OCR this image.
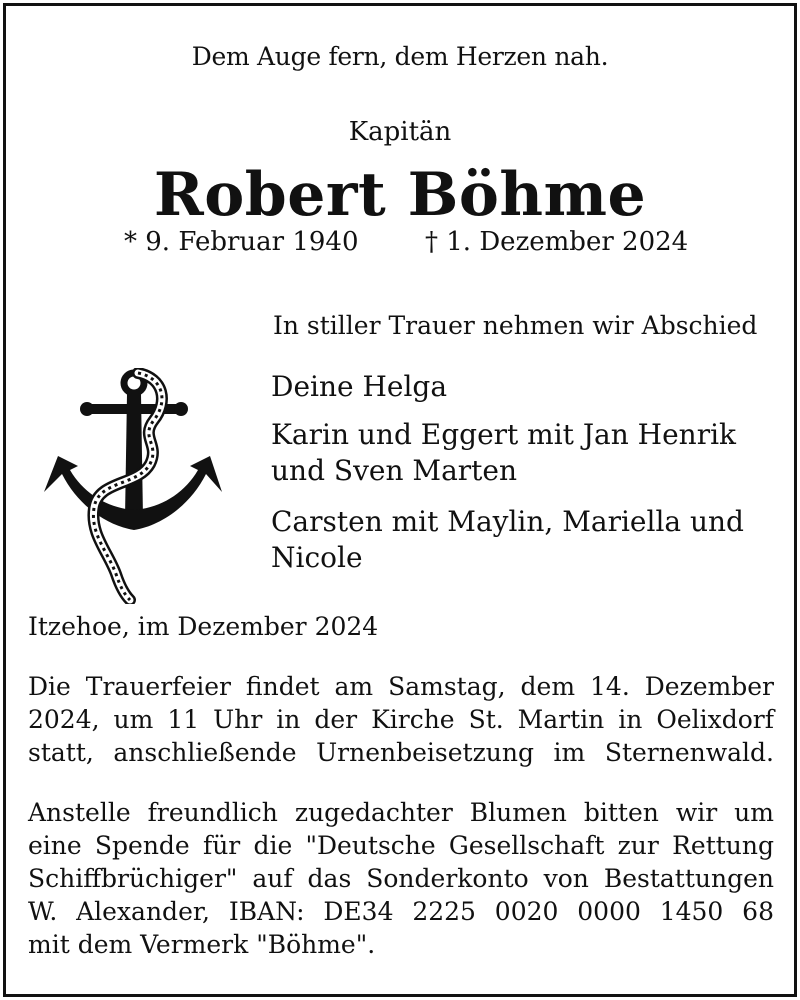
Dem Auge fern, dem Herzen nah.
Kapitän
Robert Böhme
* 9. Februar 1940	† 1. Dezember 2024
In stiller Trauer nehmen wir Abschied
Deine Helga
Karin und Eggert mit Jan Henrik
und Sven Marten
Carsten mit Maylin, Mariella und
Nicole
Itzehoe, im Dezember 2024
Die Trauerfeier findet am Samstag, dem 14. Dezember
2024, um 11 Uhr in der Kirche St. Martin in Oelixdorf
statt, anschließende Urnenbeisetzung im Sternenwald.
Anstelle freundlich zugedachter Blumen bitten wir um
eine Spende für die "Deutsche Gesellschaft zur Rettung
Schiffbrüchiger" auf das Sonderkonto von Bestattungen
W. Alexander, IBAN: DE34 2225 0020 0000 1450 68
mit dem Vermerk "Böhme".
